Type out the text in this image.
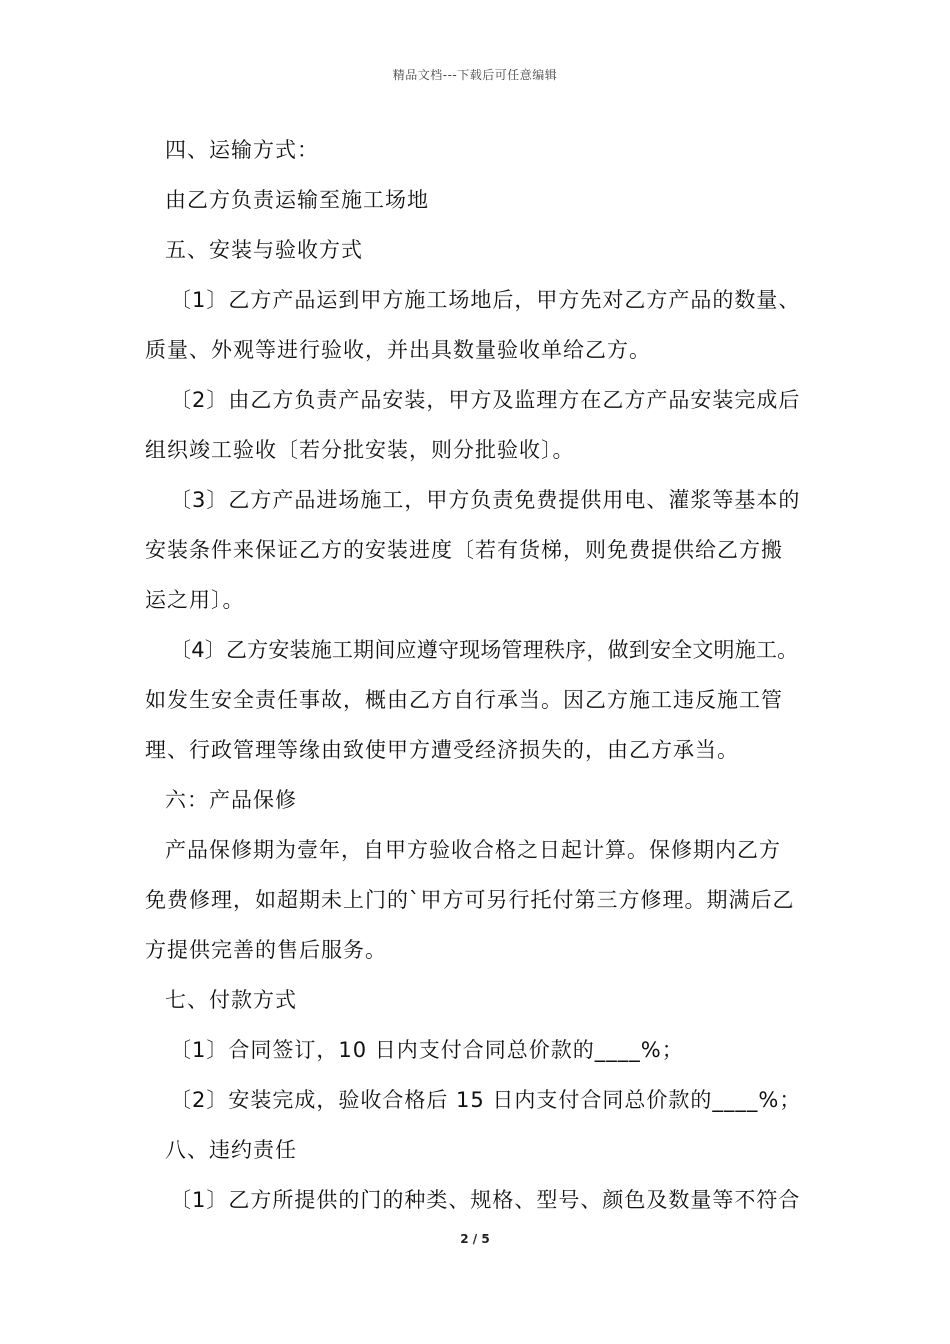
精品文档---下载后可任意编辑
四、运输方式：
由乙方负责运输至施工场地
五、安装与验收方式
〔1〕乙方产品运到甲方施工场地后，甲方先对乙方产品的数量、
质量、外观等进行验收，并出具数量验收单给乙方。
〔2〕由乙方负责产品安装，甲方及监理方在乙方产品安装完成后
组织竣工验收〔若分批安装，则分批验收〕。
〔3〕乙方产品进场施工，甲方负责免费提供用电、灌浆等基本的
安装条件来保证乙方的安装进度〔若有货梯，则免费提供给乙方搬
运之用〕。
〔4〕乙方安装施工期间应遵守现场管理秩序，做到安全文明施工。
如发生安全责任事故，概由乙方自行承当。因乙方施工违反施工管
理、行政管理等缘由致使甲方遭受经济损失的，由乙方承当。
六：产品保修
产品保修期为壹年，自甲方验收合格之日起计算。保修期内乙方
免费修理，如超期未上门的`甲方可另行托付第三方修理。期满后乙
方提供完善的售后服务。
七、付款方式
〔1〕合同签订，10 日内支付合同总价款的____%；
〔2〕安装完成，验收合格后 15 日内支付合同总价款的____%；
八、违约责任
〔1〕乙方所提供的门的种类、规格、型号、颜色及数量等不符合
2 / 5
